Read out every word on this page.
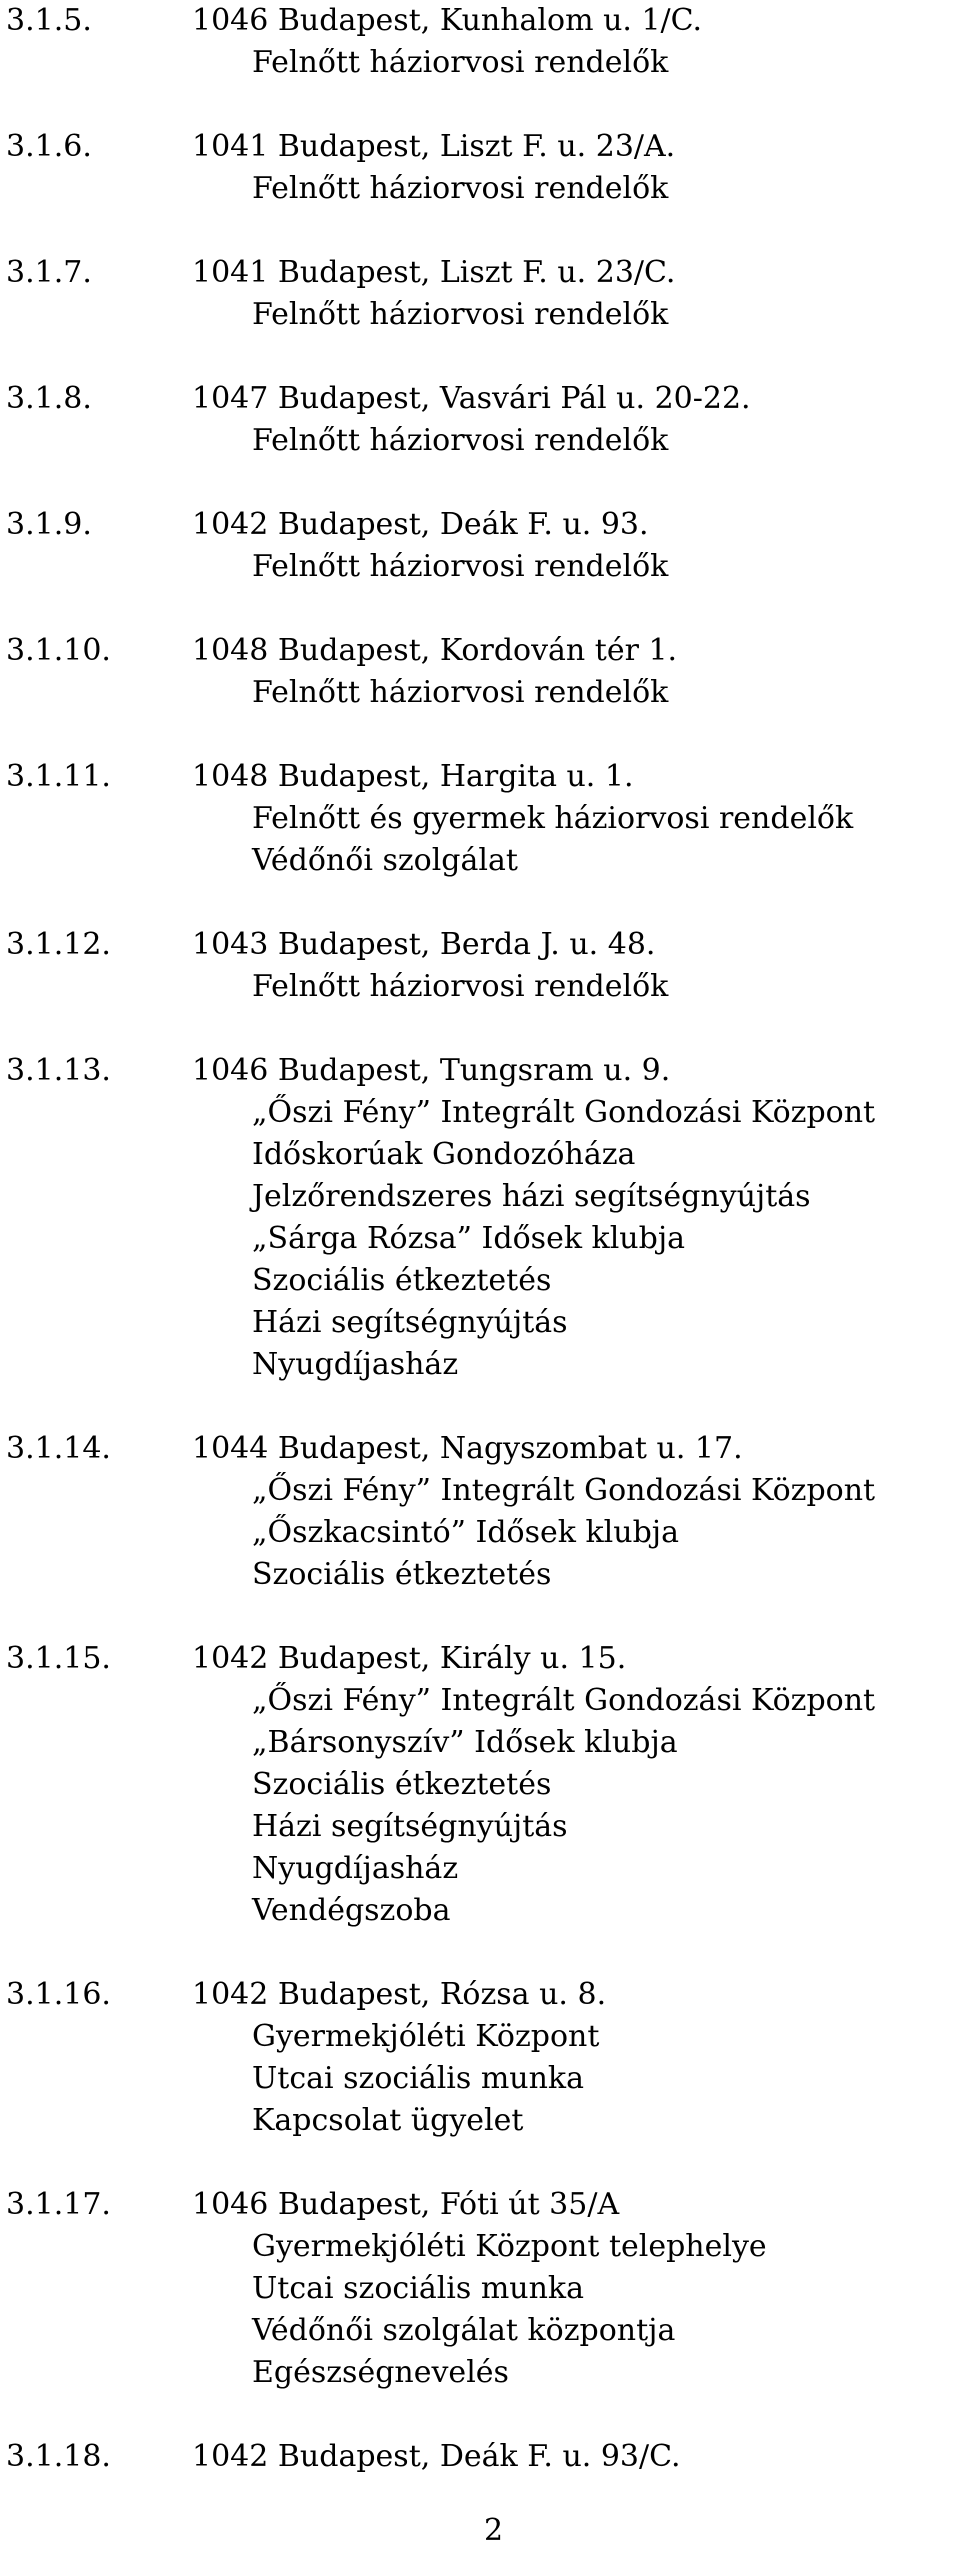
3.1.5.	1046 Budapest, Kunhalom u. 1/C.
Felnőtt háziorvosi rendelők
3.1.6.	1041 Budapest, Liszt F. u. 23/A.
Felnőtt háziorvosi rendelők
3.1.7.	1041 Budapest, Liszt F. u. 23/C.
Felnőtt háziorvosi rendelők
3.1.8.	1047 Budapest, Vasvári Pál u. 20-22.
Felnőtt háziorvosi rendelők
3.1.9.	1042 Budapest, Deák F. u. 93.
Felnőtt háziorvosi rendelők
3.1.10.	1048 Budapest, Kordován tér 1.
Felnőtt háziorvosi rendelők
3.1.11.	1048 Budapest, Hargita u. 1.
Felnőtt és gyermek háziorvosi rendelők
Védőnői szolgálat
3.1.12.	1043 Budapest, Berda J. u. 48.
Felnőtt háziorvosi rendelők
3.1.13.	1046 Budapest, Tungsram u. 9.
„Őszi Fény” Integrált Gondozási Központ
Időskorúak Gondozóháza
Jelzőrendszeres házi segítségnyújtás
„Sárga Rózsa” Idősek klubja
Szociális étkeztetés
Házi segítségnyújtás
Nyugdíjasház
3.1.14.	1044 Budapest, Nagyszombat u. 17.
„Őszi Fény” Integrált Gondozási Központ
„Őszkacsintó” Idősek klubja
Szociális étkeztetés
3.1.15.	1042 Budapest, Király u. 15.
„Őszi Fény” Integrált Gondozási Központ
„Bársonyszív” Idősek klubja
Szociális étkeztetés
Házi segítségnyújtás
Nyugdíjasház
Vendégszoba
3.1.16.	1042 Budapest, Rózsa u. 8.
Gyermekjóléti Központ
Utcai szociális munka
Kapcsolat ügyelet
3.1.17.	1046 Budapest, Fóti út 35/A
Gyermekjóléti Központ telephelye
Utcai szociális munka
Védőnői szolgálat központja
Egészségnevelés
3.1.18.	1042 Budapest, Deák F. u. 93/C.
2
